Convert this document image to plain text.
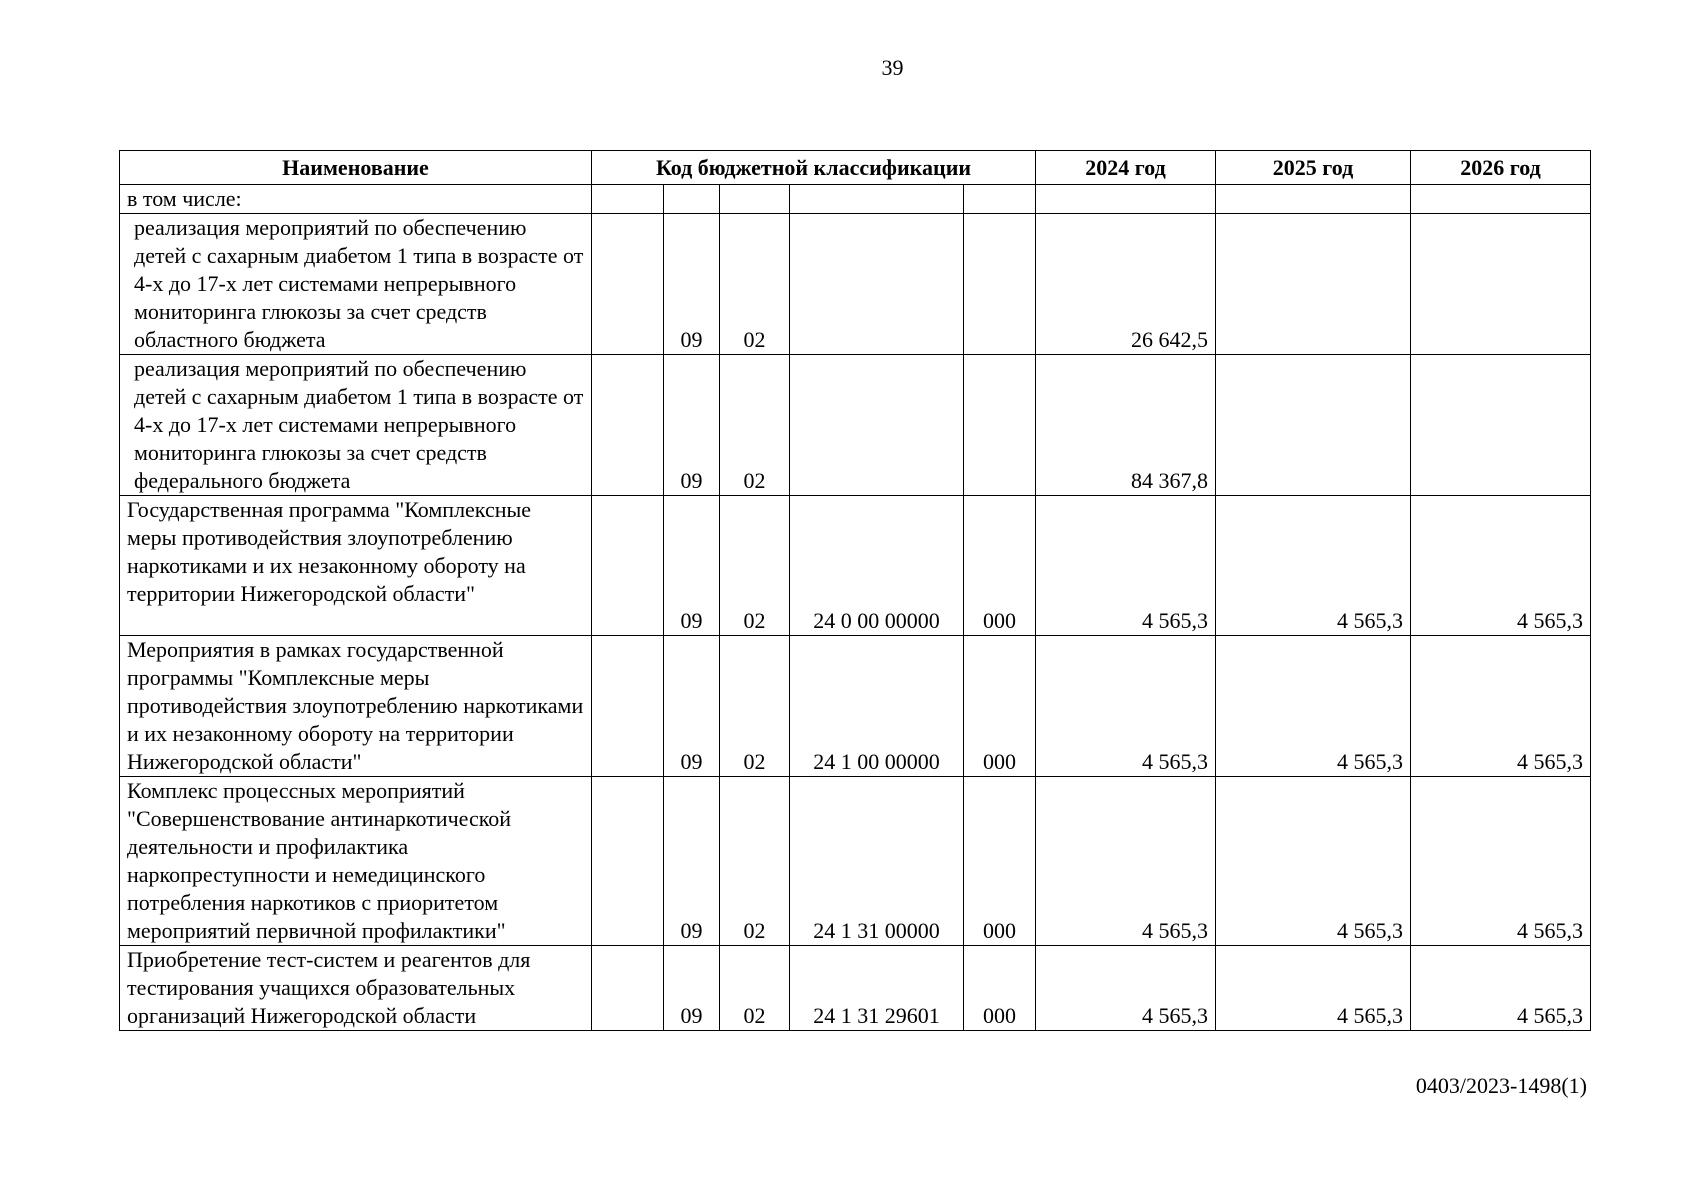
39
Наименование	Код бюджетной классификации					2024 год	2025 год	2026 год
в том числе:								
реализация мероприятий по обеспечению детей с сахарным диабетом 1 типа в возрасте от 4-х до 17-х лет системами непрерывного мониторинга глюкозы за счет средств областного бюджета		09	02			26 642,5		
реализация мероприятий по обеспечению детей с сахарным диабетом 1 типа в возрасте от 4-х до 17-х лет системами непрерывного мониторинга глюкозы за счет средств федерального бюджета		09	02			84 367,8		
Государственная программа "Комплексные меры противодействия злоупотреблению наркотиками и их незаконному обороту на территории Нижегородской области"		09	02	24 0 00 00000	000	4 565,3	4 565,3	4 565,3
Мероприятия в рамках государственной программы "Комплексные меры противодействия злоупотреблению наркотиками и их незаконному обороту на территории Нижегородской области"		09	02	24 1 00 00000	000	4 565,3	4 565,3	4 565,3
Комплекс процессных мероприятий "Совершенствование антинаркотической деятельности и профилактика наркопреступности и немедицинского потребления наркотиков с приоритетом мероприятий первичной профилактики"		09	02	24 1 31 00000	000	4 565,3	4 565,3	4 565,3
Приобретение тест-систем и реагентов для тестирования учащихся образовательных организаций Нижегородской области		09	02	24 1 31 29601	000	4 565,3	4 565,3	4 565,3
0403/2023-1498(1)
